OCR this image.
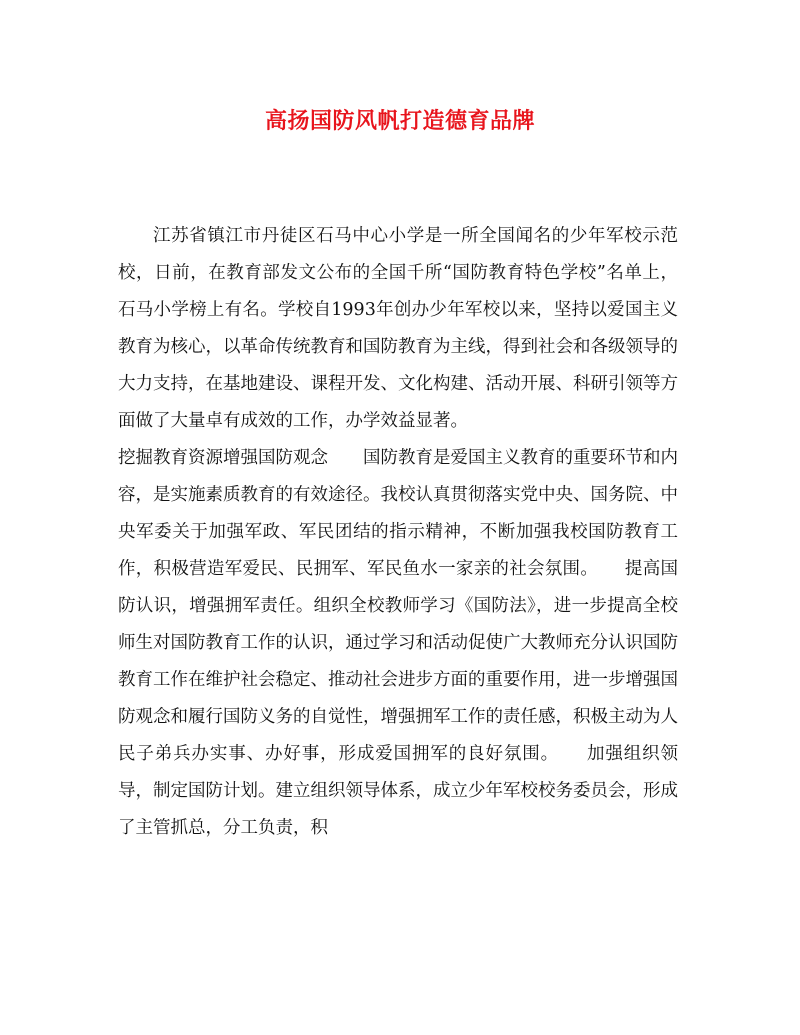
高扬国防风帆打造德育品牌

江苏省镇江市丹徒区石马中心小学是一所全国闻名的少年军校示范校，日前，在教育部发文公布的全国千所“国防教育特色学校”名单上，石马小学榜上有名。学校自1993年创办少年军校以来，坚持以爱国主义教育为核心，以革命传统教育和国防教育为主线，得到社会和各级领导的大力支持，在基地建设、课程开发、文化构建、活动开展、科研引领等方面做了大量卓有成效的工作，办学效益显著。

挖掘教育资源增强国防观念　　国防教育是爱国主义教育的重要环节和内容，是实施素质教育的有效途径。我校认真贯彻落实党中央、国务院、中央军委关于加强军政、军民团结的指示精神，不断加强我校国防教育工作，积极营造军爱民、民拥军、军民鱼水一家亲的社会氛围。　　提高国防认识，增强拥军责任。组织全校教师学习《国防法》，进一步提高全校师生对国防教育工作的认识，通过学习和活动促使广大教师充分认识国防教育工作在维护社会稳定、推动社会进步方面的重要作用，进一步增强国防观念和履行国防义务的自觉性，增强拥军工作的责任感，积极主动为人民子弟兵办实事、办好事，形成爱国拥军的良好氛围。　　加强组织领导，制定国防计划。建立组织领导体系，成立少年军校校务委员会，形成了主管抓总，分工负责，积
